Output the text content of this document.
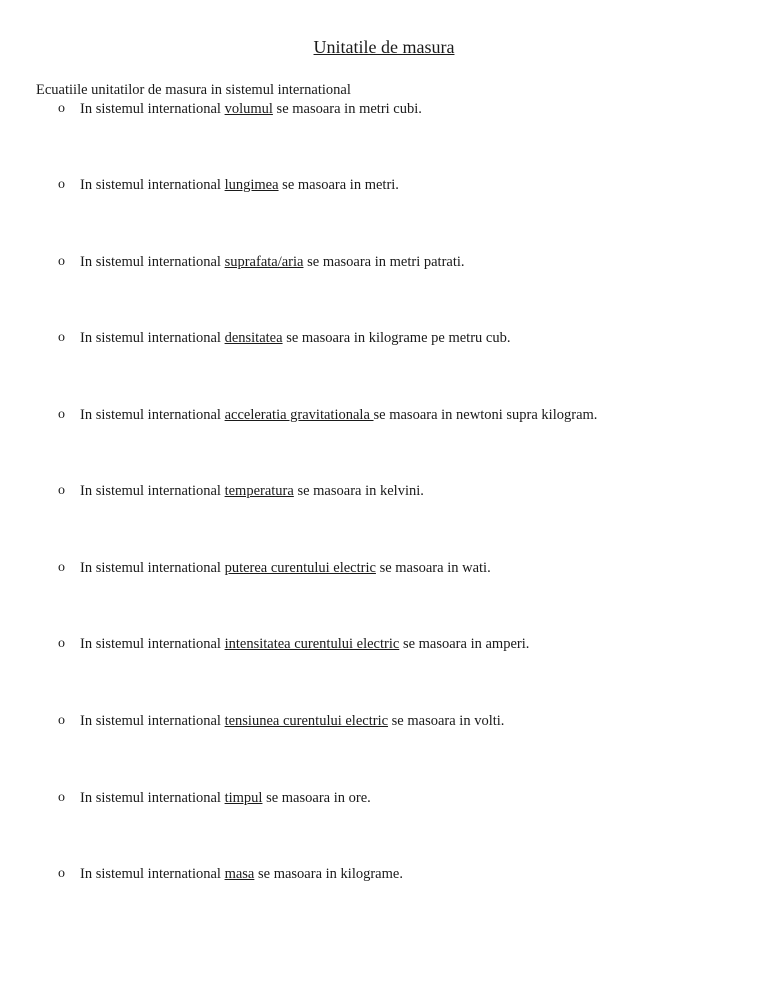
Unitatile de masura

Ecuatiile unitatilor de masura in sistemul international

o In sistemul international volumul se masoara in metri cubi.
o In sistemul international lungimea se masoara in metri.
o In sistemul international suprafata/aria se masoara in metri patrati.
o In sistemul international densitatea se masoara in kilograme pe metru cub.
o In sistemul international acceleratia gravitationala se masoara in newtoni supra kilogram.
o In sistemul international temperatura se masoara in kelvini.
o In sistemul international puterea curentului electric se masoara in wati.
o In sistemul international intensitatea curentului electric se masoara in amperi.
o In sistemul international tensiunea curentului electric se masoara in volti.
o In sistemul international timpul se masoara in ore.
o In sistemul international masa se masoara in kilograme.
